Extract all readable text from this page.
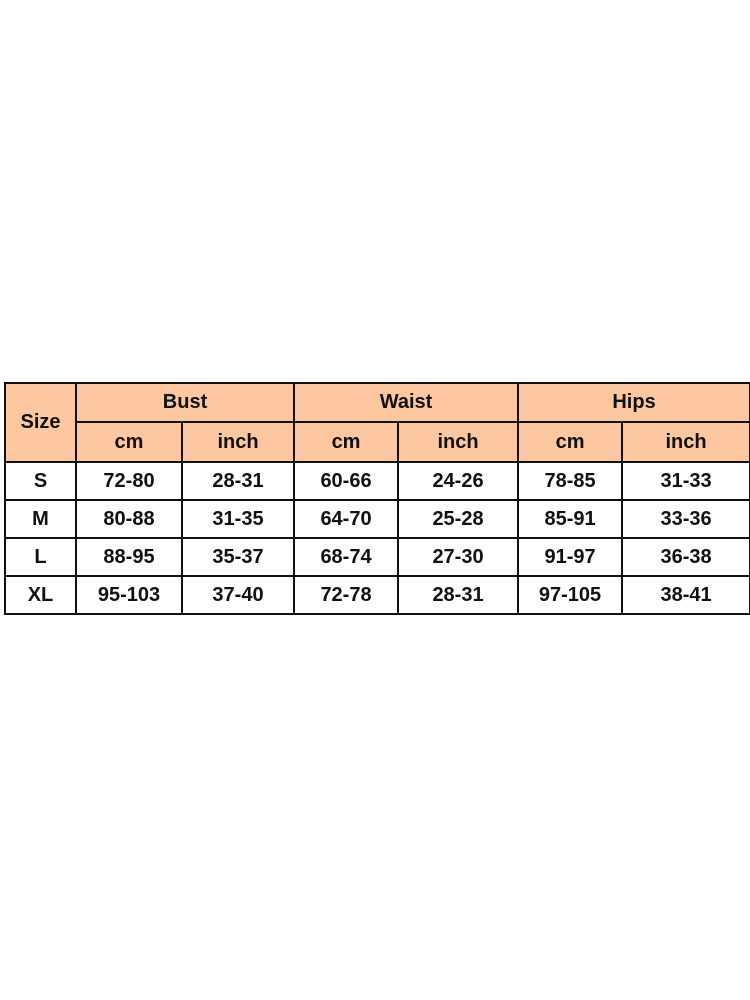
Size	Bust		Waist		Hips	
	cm	inch	cm	inch	cm	inch
S	72-80	28-31	60-66	24-26	78-85	31-33
M	80-88	31-35	64-70	25-28	85-91	33-36
L	88-95	35-37	68-74	27-30	91-97	36-38
XL	95-103	37-40	72-78	28-31	97-105	38-41
